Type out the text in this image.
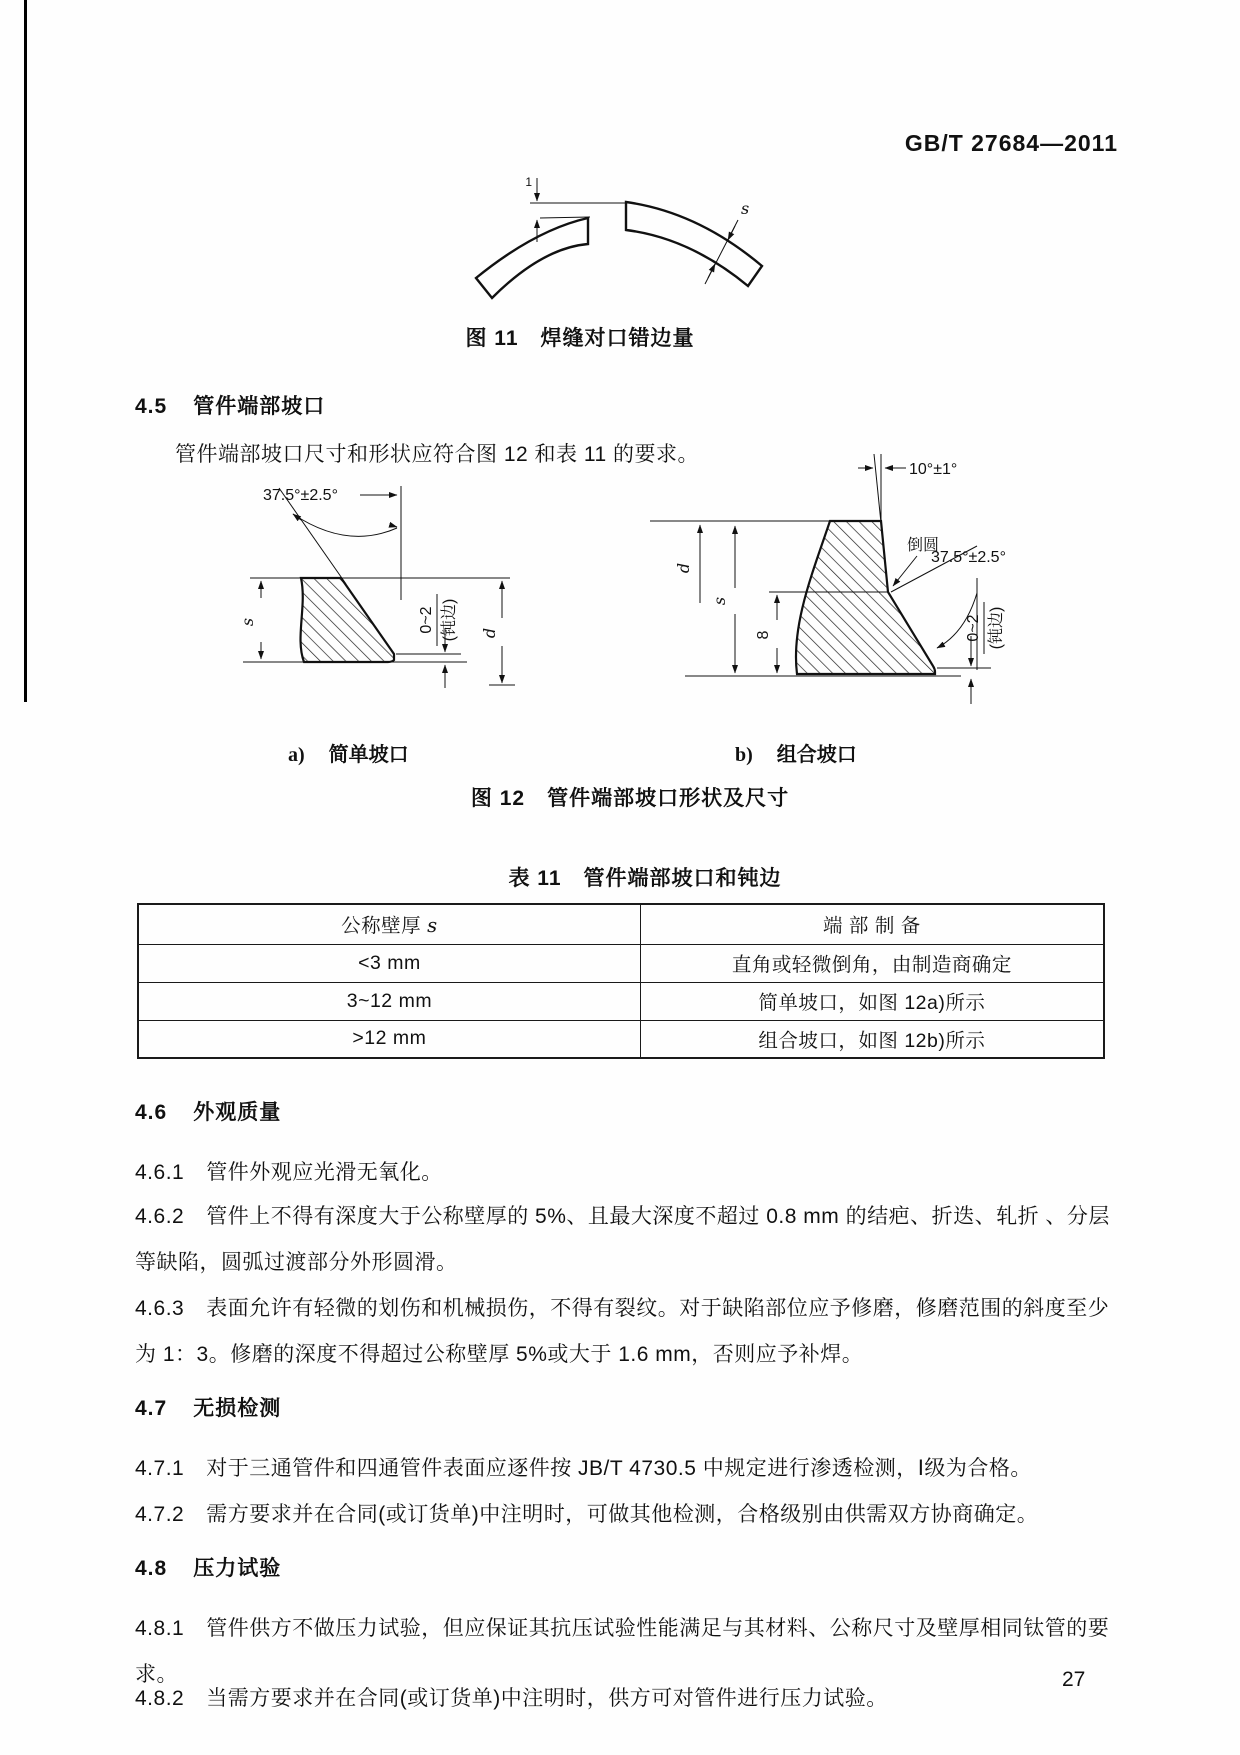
GB/T 27684—2011
1
s
图 11　焊缝对口错边量
4.5 管件端部坡口
管件端部坡口尺寸和形状应符合图 12 和表 11 的要求。
37.5°±2.5°
s	0~2 (钝边) d
10°±1°
倒圆
37.5°±2.5°
d
s
8	0~2 (钝边)
a) 简单坡口	b) 组合坡口
图 12　管件端部坡口形状及尺寸
表 11　管件端部坡口和钝边
公称壁厚 s	端 部 制 备
<3 mm	直角或轻微倒角，由制造商确定
3~12 mm	简单坡口，如图 12a)所示
>12 mm	组合坡口，如图 12b)所示
4.6 外观质量
4.6.1 管件外观应光滑无氧化。
4.6.2 管件上不得有深度大于公称壁厚的 5%、且最大深度不超过 0.8 mm 的结疤、折迭、轧折 、分层等缺陷，圆弧过渡部分外形圆滑。
4.6.3 表面允许有轻微的划伤和机械损伤，不得有裂纹。对于缺陷部位应予修磨，修磨范围的斜度至少为 1：3。修磨的深度不得超过公称壁厚 5%或大于 1.6 mm，否则应予补焊。
4.7 无损检测
4.7.1 对于三通管件和四通管件表面应逐件按 JB/T 4730.5 中规定进行渗透检测，Ⅰ级为合格。
4.7.2 需方要求并在合同(或订货单)中注明时，可做其他检测，合格级别由供需双方协商确定。
4.8 压力试验
4.8.1 管件供方不做压力试验，但应保证其抗压试验性能满足与其材料、公称尺寸及壁厚相同钛管的要求。
4.8.2 当需方要求并在合同(或订货单)中注明时，供方可对管件进行压力试验。
27
